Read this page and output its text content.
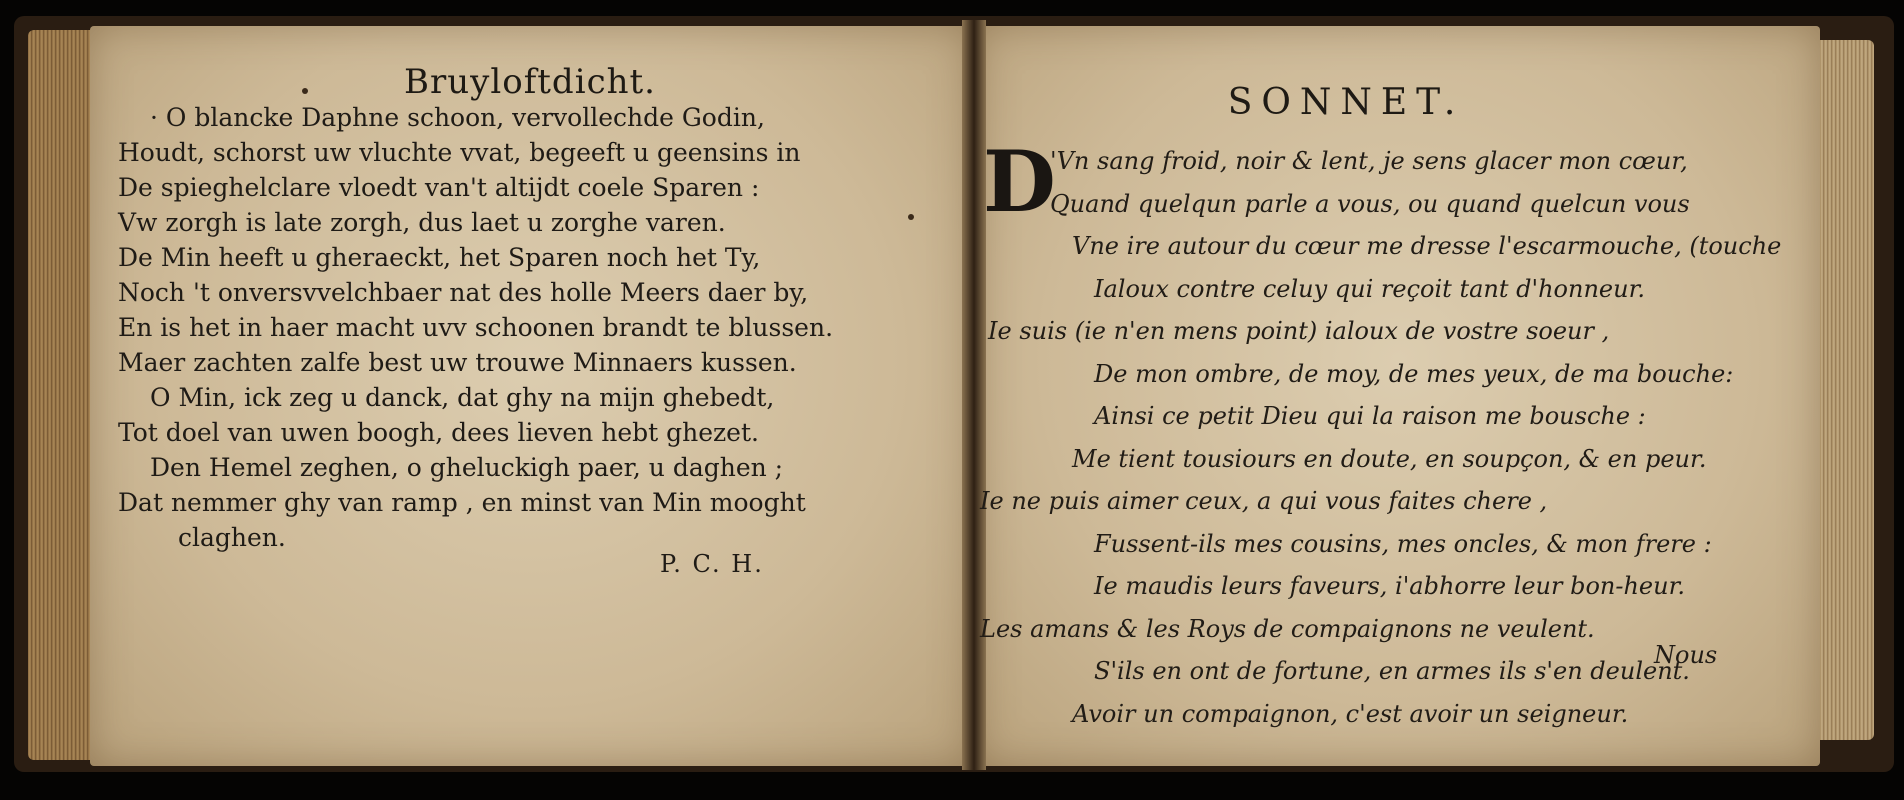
Bruyloftdicht.
· O blancke Daphne schoon, vervollechde Godin,
Houdt, schorst uw vluchte vvat, begeeft u geensins in
De spieghelclare vloedt van't altijdt coele Sparen :
Vw zorgh is late zorgh, dus laet u zorghe varen.
De Min heeft u gheraeckt, het Sparen noch het Ty,
Noch 't onversvvelchbaer nat des holle Meers daer by,
En is het in haer macht uvv schoonen brandt te blussen.
Maer zachten zalfe best uw trouwe Minnaers kussen.
O Min, ick zeg u danck, dat ghy na mijn ghebedt,
Tot doel van uwen boogh, dees lieven hebt ghezet.
Den Hemel zeghen, o gheluckigh paer, u daghen ;
Dat nemmer ghy van ramp , en minst van Min mooght
claghen.
P. C. H.
SONNET.
D
'Vn sang froid, noir & lent, je sens glacer mon cœur,
Quand quelqun parle a vous, ou quand quelcun vous
Vne ire autour du cœur me dresse l'escarmouche, (touche
Ialoux contre celuy qui reçoit tant d'honneur.
Ie suis (ie n'en mens point) ialoux de vostre soeur ,
De mon ombre, de moy, de mes yeux, de ma bouche:
Ainsi ce petit Dieu qui la raison me bousche :
Me tient tousiours en doute, en soupçon, & en peur.
Ie ne puis aimer ceux, a qui vous faites chere ,
Fussent-ils mes cousins, mes oncles, & mon frere :
Ie maudis leurs faveurs, i'abhorre leur bon-heur.
Les amans & les Roys de compaignons ne veulent.
S'ils en ont de fortune, en armes ils s'en deulent.
Avoir un compaignon, c'est avoir un seigneur.
Nous
